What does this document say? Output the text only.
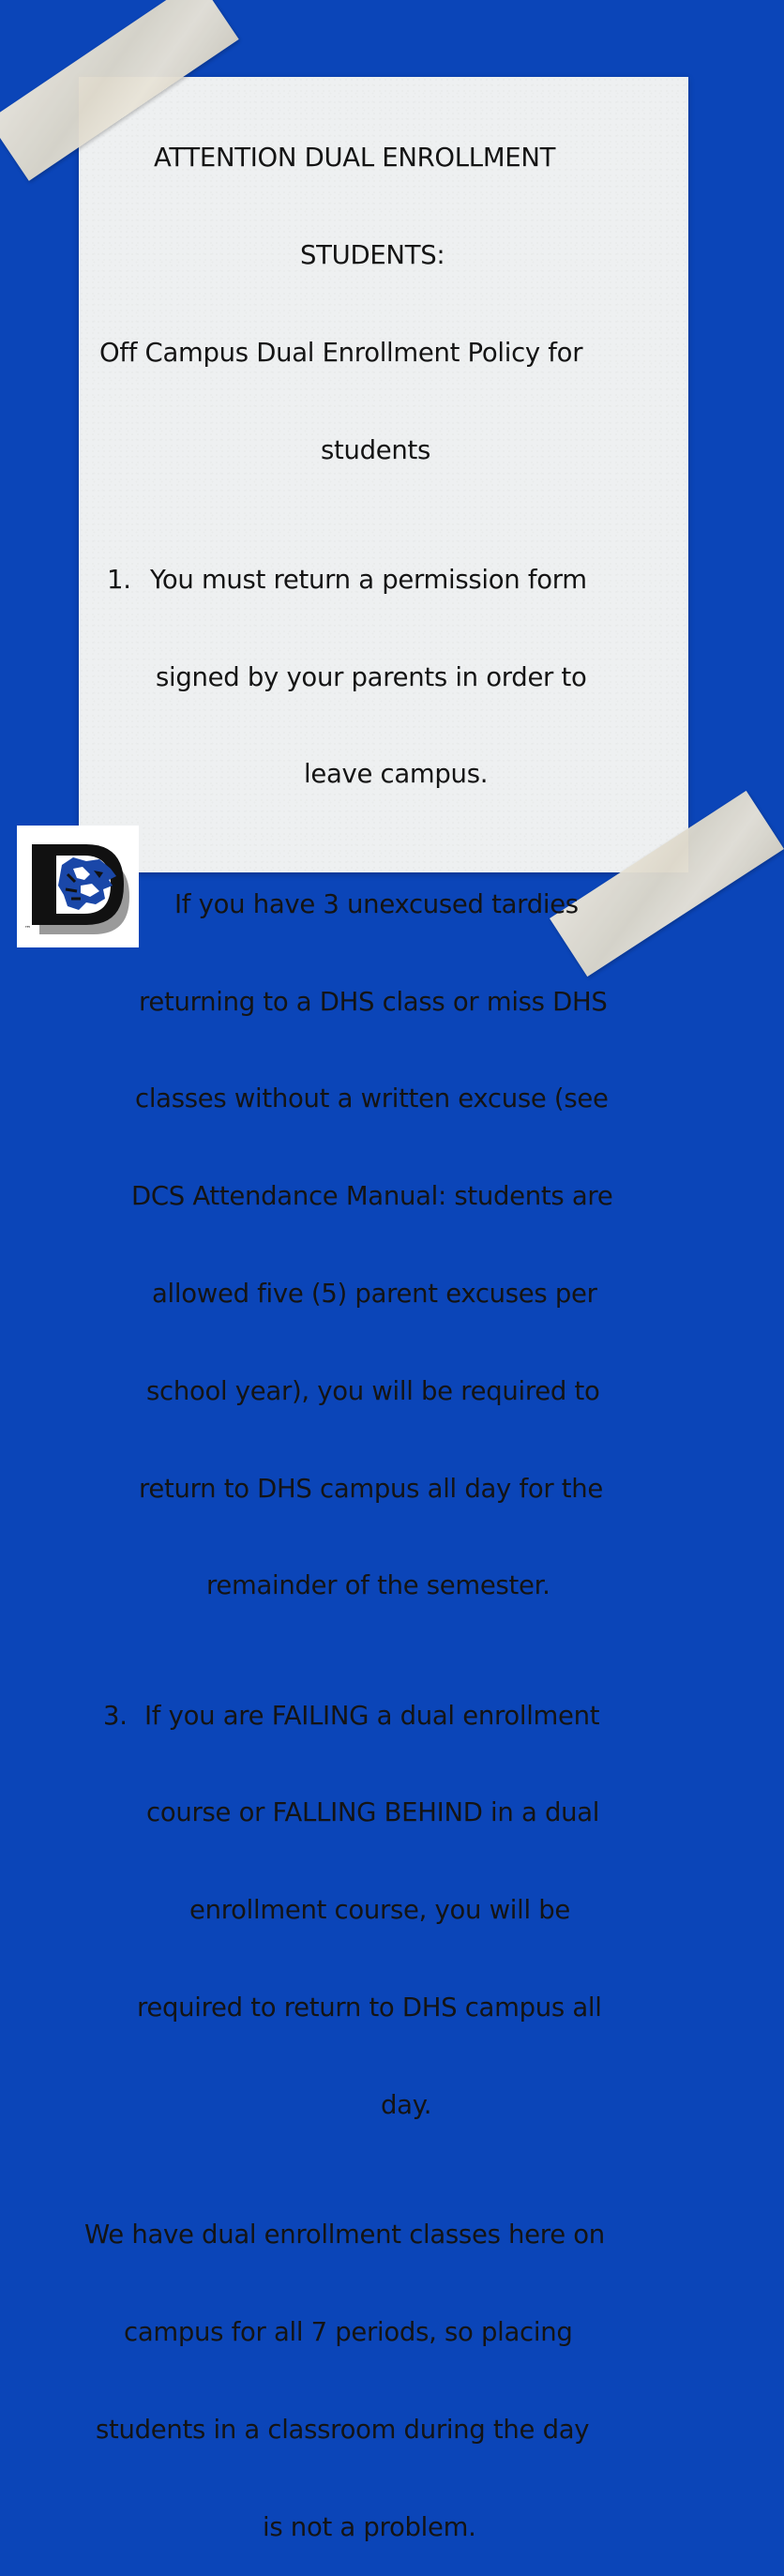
ATTENTION DUAL ENROLLMENT

STUDENTS:

Off Campus Dual Enrollment Policy for

students

1. You must return a permission form

signed by your parents in order to

leave campus.

If you have 3 unexcused tardies

returning to a DHS class or miss DHS

classes without a written excuse (see

DCS Attendance Manual: students are

allowed five (5) parent excuses per

school year), you will be required to

return to DHS campus all day for the

remainder of the semester.

3. If you are FAILING a dual enrollment

course or FALLING BEHIND in a dual

enrollment course, you will be

required to return to DHS campus all

day.

We have dual enrollment classes here on

campus for all 7 periods, so placing

students in a classroom during the day

is not a problem.

™
